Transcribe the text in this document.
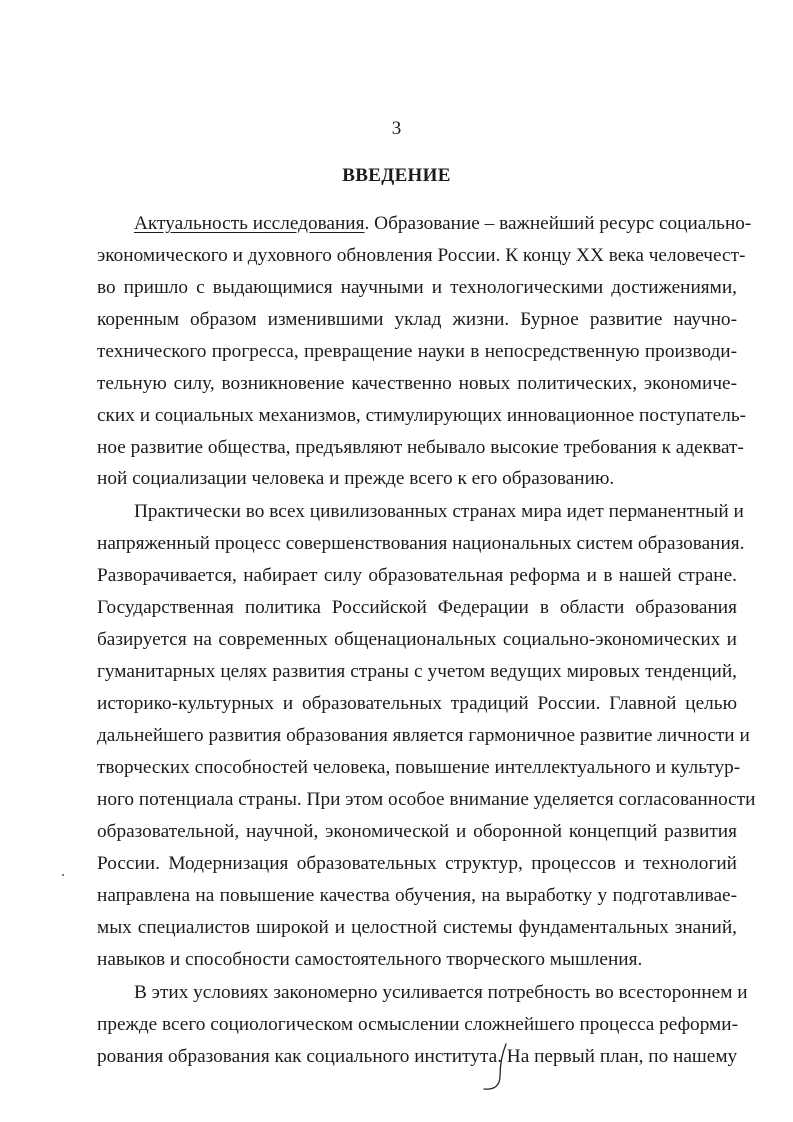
3
ВВЕДЕНИЕ
Актуальность исследования. Образование – важнейший ресурс социально-
экономического и духовного обновления России. К концу XX века человечест-
во пришло с выдающимися научными и технологическими достижениями,
коренным образом изменившими уклад жизни. Бурное развитие научно-
технического прогресса, превращение науки в непосредственную производи-
тельную силу, возникновение качественно новых политических, экономиче-
ских и социальных механизмов, стимулирующих инновационное поступатель-
ное развитие общества, предъявляют небывало высокие требования к адекват-
ной социализации человека и прежде всего к его образованию.
Практически во всех цивилизованных странах мира идет перманентный и
напряженный процесс совершенствования национальных систем образования.
Разворачивается, набирает силу образовательная реформа и в нашей стране.
Государственная политика Российской Федерации в области образования
базируется на современных общенациональных социально-экономических и
гуманитарных целях развития страны с учетом ведущих мировых тенденций,
историко-культурных и образовательных традиций России. Главной целью
дальнейшего развития образования является гармоничное развитие личности и
творческих способностей человека, повышение интеллектуального и культур-
ного потенциала страны. При этом особое внимание уделяется согласованности
образовательной, научной, экономической и оборонной концепций развития
России. Модернизация образовательных структур, процессов и технологий
направлена на повышение качества обучения, на выработку у подготавливае-
мых специалистов широкой и целостной системы фундаментальных знаний,
навыков и способности самостоятельного творческого мышления.
В этих условиях закономерно усиливается потребность во всестороннем и
прежде всего социологическом осмыслении сложнейшего процесса реформи-
рования образования как социального института. На первый план, по нашему
